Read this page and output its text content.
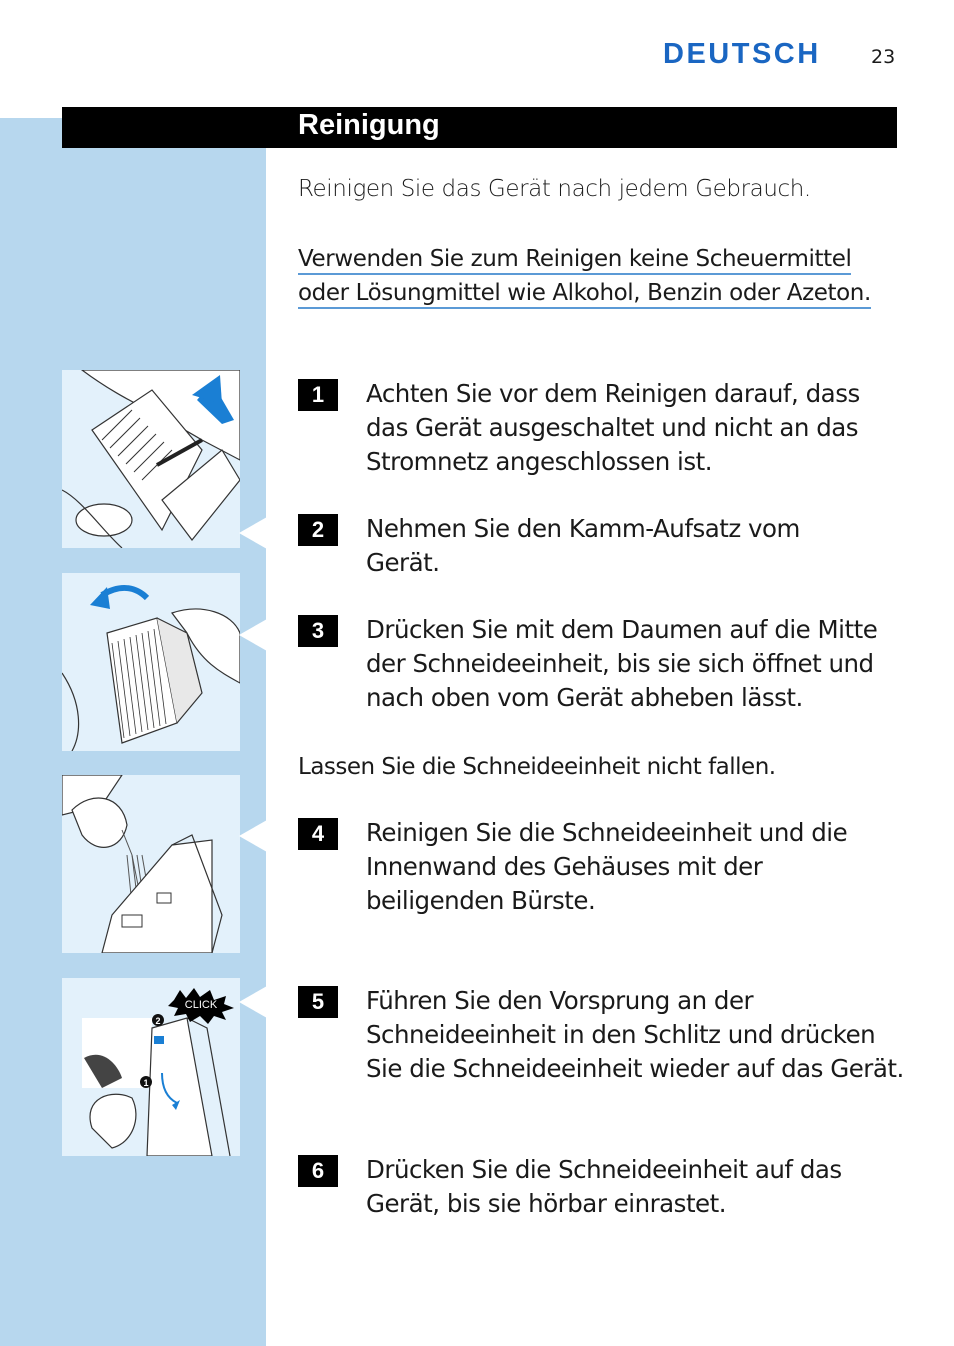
DEUTSCH	23
Reinigung
Reinigen Sie das Gerät nach jedem Gebrauch.
Verwenden Sie zum Reinigen keine Scheuermittel oder Lösungmittel wie Alkohol, Benzin oder Azeton.
1	Achten Sie vor dem Reinigen darauf, dass das Gerät ausgeschaltet und nicht an das Stromnetz angeschlossen ist.
2	Nehmen Sie den Kamm-Aufsatz vom Gerät.
3	Drücken Sie mit dem Daumen auf die Mitte der Schneideeinheit, bis sie sich öffnet und nach oben vom Gerät abheben lässt.
Lassen Sie die Schneideeinheit nicht fallen.
4	Reinigen Sie die Schneideeinheit und die Innenwand des Gehäuses mit der beiligenden Bürste.
5	Führen Sie den Vorsprung an der Schneideeinheit in den Schlitz und drücken Sie die Schneideeinheit wieder auf das Gerät.
6	Drücken Sie die Schneideeinheit auf das Gerät, bis sie hörbar einrastet.
2
1
CLICK
